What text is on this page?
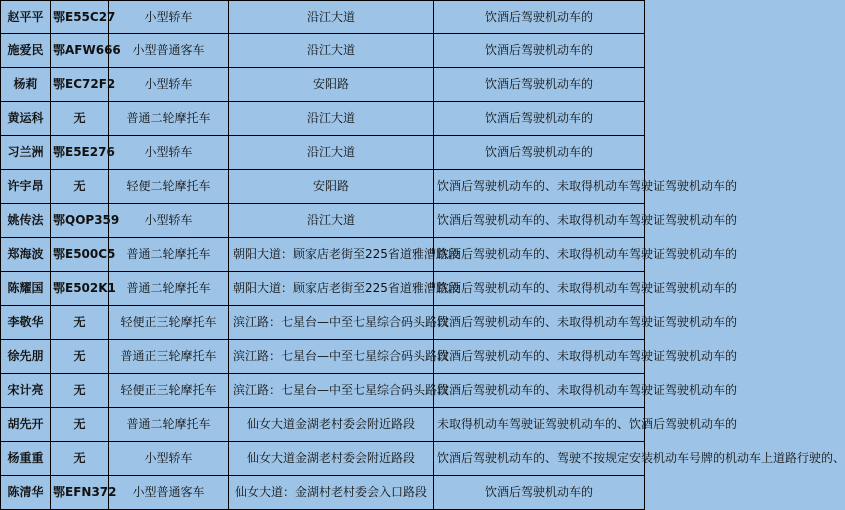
赵平平	鄂E55C27	小型轿车	沿江大道	饮酒后驾驶机动车的
施爱民	鄂AFW666	小型普通客车	沿江大道	饮酒后驾驶机动车的
杨莉	鄂EC72F2	小型轿车	安阳路	饮酒后驾驶机动车的
黄运科	无	普通二轮摩托车	沿江大道	饮酒后驾驶机动车的
习兰洲	鄂E5E276	小型轿车	沿江大道	饮酒后驾驶机动车的
许宇昂	无	轻便二轮摩托车	安阳路	饮酒后驾驶机动车的、未取得机动车驾驶证驾驶机动车的
姚传法	鄂QOP359	小型轿车	沿江大道	饮酒后驾驶机动车的、未取得机动车驾驶证驾驶机动车的
郑海波	鄂E500C5	普通二轮摩托车	朝阳大道：顾家店老街至225省道雅漕路段	饮酒后驾驶机动车的、未取得机动车驾驶证驾驶机动车的
陈耀国	鄂E502K1	普通二轮摩托车	朝阳大道：顾家店老街至225省道雅漕路段	饮酒后驾驶机动车的、未取得机动车驾驶证驾驶机动车的
李敬华	无	轻便正三轮摩托车	滨江路：七星台—中至七星综合码头路段	饮酒后驾驶机动车的、未取得机动车驾驶证驾驶机动车的
徐先朋	无	普通正三轮摩托车	滨江路：七星台—中至七星综合码头路段	饮酒后驾驶机动车的、未取得机动车驾驶证驾驶机动车的
宋计亮	无	轻便正三轮摩托车	滨江路：七星台—中至七星综合码头路段	饮酒后驾驶机动车的、未取得机动车驾驶证驾驶机动车的
胡先开	无	普通二轮摩托车	仙女大道金湖老村委会附近路段	未取得机动车驾驶证驾驶机动车的、饮酒后驾驶机动车的
杨重重	无	小型轿车	仙女大道金湖老村委会附近路段	饮酒后驾驶机动车的、驾驶不按规定安装机动车号牌的机动车上道路行驶的、
陈清华	鄂EFN372	小型普通客车	仙女大道：金湖村老村委会入口路段	饮酒后驾驶机动车的
